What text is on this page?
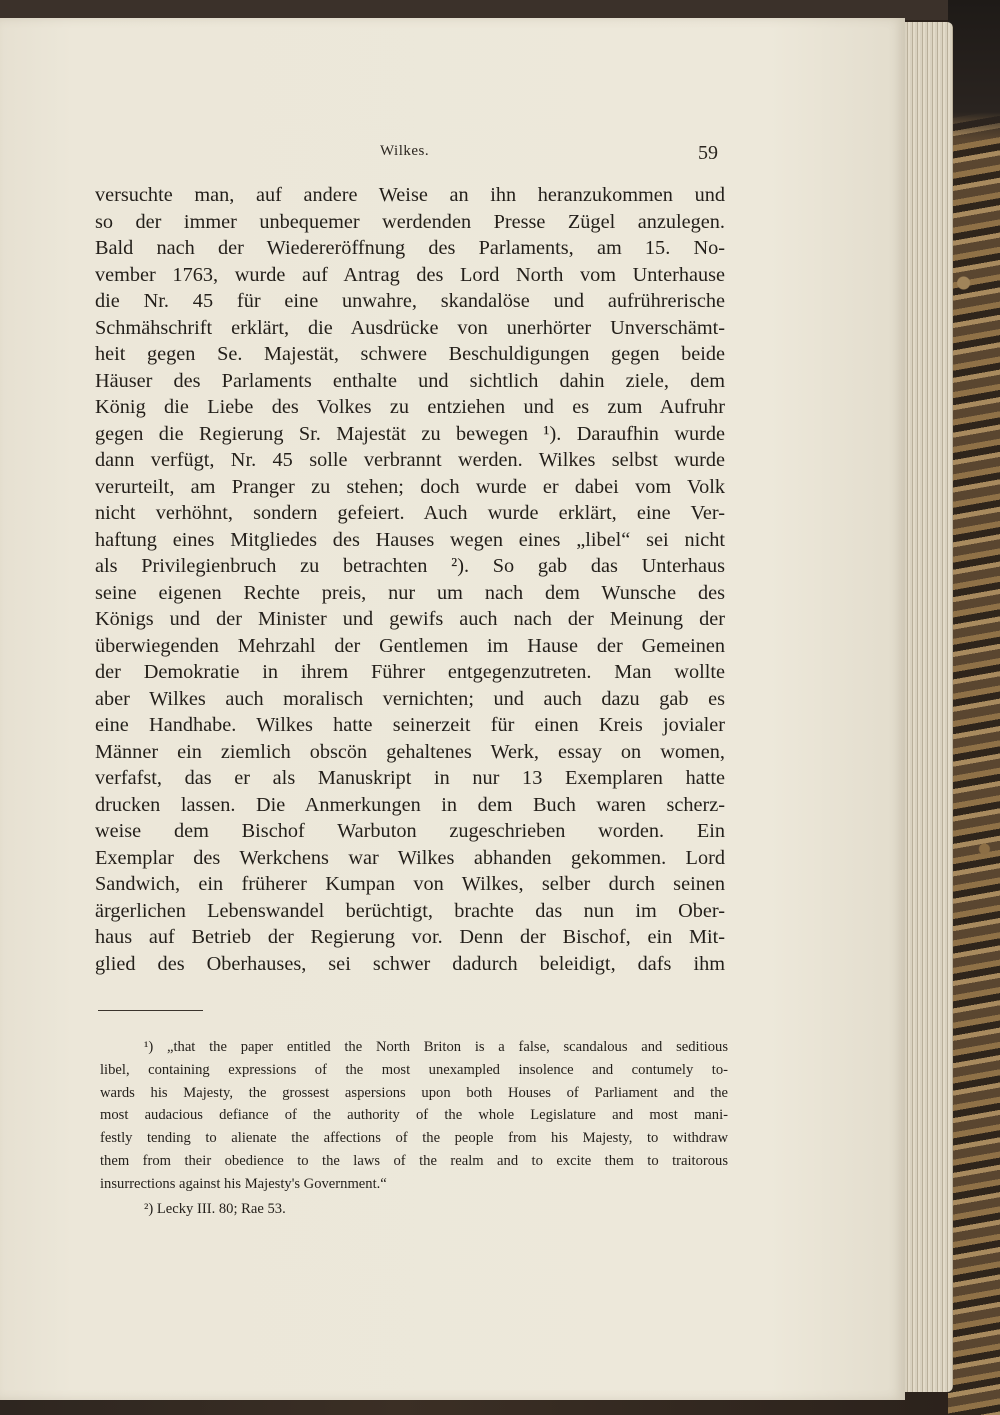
Wilkes.	59
versuchte man, auf andere Weise an ihn heranzukommen und
so der immer unbequemer werdenden Presse Zügel anzulegen.
Bald nach der Wiedereröffnung des Parlaments, am 15. No-
vember 1763, wurde auf Antrag des Lord North vom Unterhause
die Nr. 45 für eine unwahre, skandalöse und aufrührerische
Schmähschrift erklärt, die Ausdrücke von unerhörter Unverschämt-
heit gegen Se. Majestät, schwere Beschuldigungen gegen beide
Häuser des Parlaments enthalte und sichtlich dahin ziele, dem
König die Liebe des Volkes zu entziehen und es zum Aufruhr
gegen die Regierung Sr. Majestät zu bewegen ¹). Daraufhin wurde
dann verfügt, Nr. 45 solle verbrannt werden. Wilkes selbst wurde
verurteilt, am Pranger zu stehen; doch wurde er dabei vom Volk
nicht verhöhnt, sondern gefeiert. Auch wurde erklärt, eine Ver-
haftung eines Mitgliedes des Hauses wegen eines „libel“ sei nicht
als Privilegienbruch zu betrachten ²). So gab das Unterhaus
seine eigenen Rechte preis, nur um nach dem Wunsche des
Königs und der Minister und gewifs auch nach der Meinung der
überwiegenden Mehrzahl der Gentlemen im Hause der Gemeinen
der Demokratie in ihrem Führer entgegenzutreten. Man wollte
aber Wilkes auch moralisch vernichten; und auch dazu gab es
eine Handhabe. Wilkes hatte seinerzeit für einen Kreis jovialer
Männer ein ziemlich obscön gehaltenes Werk, essay on women,
verfafst, das er als Manuskript in nur 13 Exemplaren hatte
drucken lassen. Die Anmerkungen in dem Buch waren scherz-
weise dem Bischof Warbuton zugeschrieben worden. Ein
Exemplar des Werkchens war Wilkes abhanden gekommen. Lord
Sandwich, ein früherer Kumpan von Wilkes, selber durch seinen
ärgerlichen Lebenswandel berüchtigt, brachte das nun im Ober-
haus auf Betrieb der Regierung vor. Denn der Bischof, ein Mit-
glied des Oberhauses, sei schwer dadurch beleidigt, dafs ihm
¹) „that the paper entitled the North Briton is a false, scandalous and seditious
libel, containing expressions of the most unexampled insolence and contumely to-
wards his Majesty, the grossest aspersions upon both Houses of Parliament and the
most audacious defiance of the authority of the whole Legislature and most mani-
festly tending to alienate the affections of the people from his Majesty, to withdraw
them from their obedience to the laws of the realm and to excite them to traitorous
insurrections against his Majesty's Government.“
²) Lecky III. 80; Rae 53.
